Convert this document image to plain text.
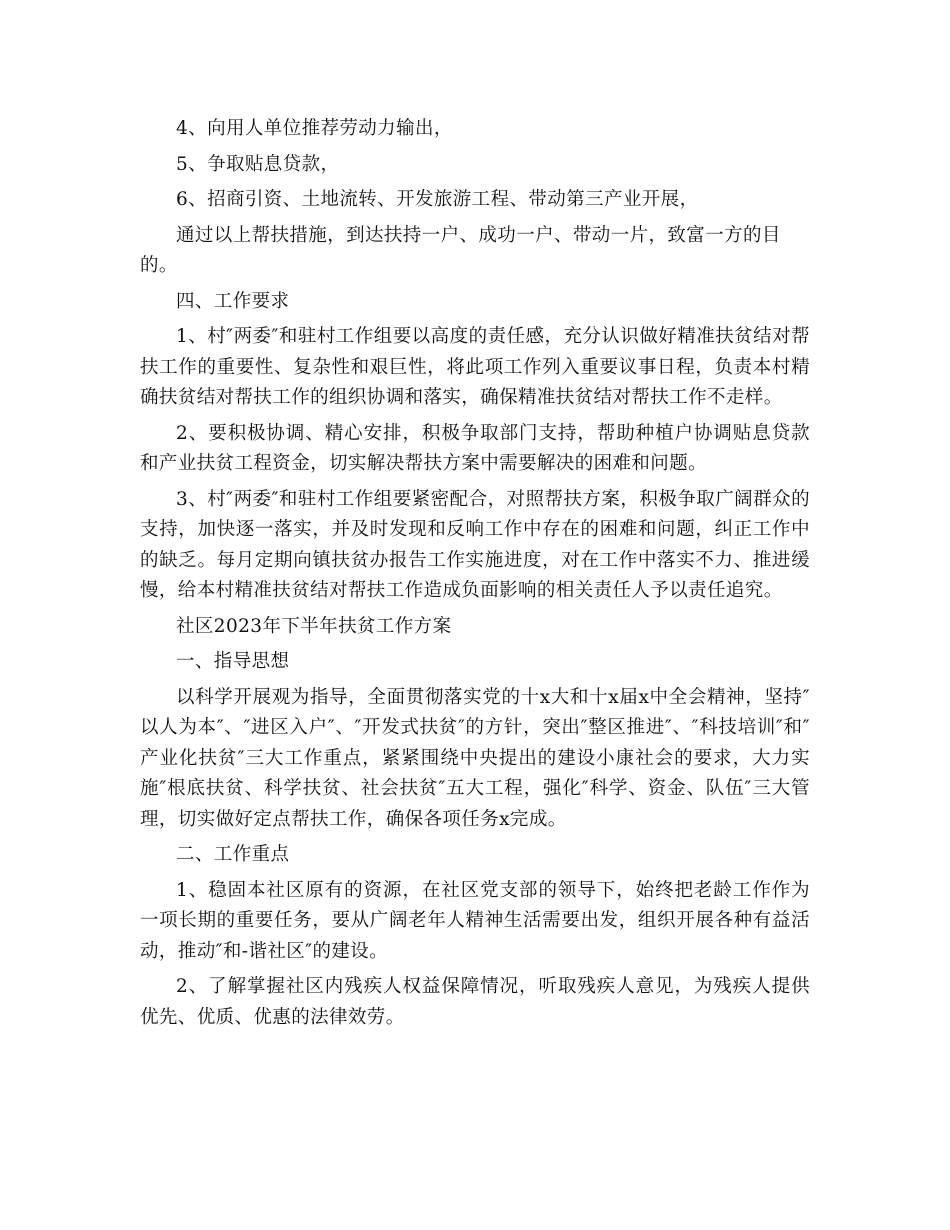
4、向用人单位推荐劳动力输出，

5、争取贴息贷款，

6、招商引资、土地流转、开发旅游工程、带动第三产业开展，

通过以上帮扶措施，到达扶持一户、成功一户、带动一片，致富一方的目的。

四、工作要求

1、村″两委″和驻村工作组要以高度的责任感，充分认识做好精准扶贫结对帮扶工作的重要性、复杂性和艰巨性，将此项工作列入重要议事日程，负责本村精确扶贫结对帮扶工作的组织协调和落实，确保精准扶贫结对帮扶工作不走样。

2、要积极协调、精心安排，积极争取部门支持，帮助种植户协调贴息贷款和产业扶贫工程资金，切实解决帮扶方案中需要解决的困难和问题。

3、村″两委″和驻村工作组要紧密配合，对照帮扶方案，积极争取广阔群众的支持，加快逐一落实，并及时发现和反响工作中存在的困难和问题，纠正工作中的缺乏。每月定期向镇扶贫办报告工作实施进度，对在工作中落实不力、推进缓慢，给本村精准扶贫结对帮扶工作造成负面影响的相关责任人予以责任追究。

社区2023年下半年扶贫工作方案

一、指导思想

以科学开展观为指导，全面贯彻落实党的十x大和十x届x中全会精神，坚持″以人为本″、″进区入户″、″开发式扶贫″的方针，突出″整区推进″、″科技培训″和″产业化扶贫″三大工作重点，紧紧围绕中央提出的建设小康社会的要求，大力实施″根底扶贫、科学扶贫、社会扶贫″五大工程，强化″科学、资金、队伍″三大管理，切实做好定点帮扶工作，确保各项任务x完成。

二、工作重点

1、稳固本社区原有的资源，在社区党支部的领导下，始终把老龄工作作为一项长期的重要任务，要从广阔老年人精神生活需要出发，组织开展各种有益活动，推动″和-谐社区″的建设。

2、了解掌握社区内残疾人权益保障情况，听取残疾人意见，为残疾人提供优先、优质、优惠的法律效劳。
